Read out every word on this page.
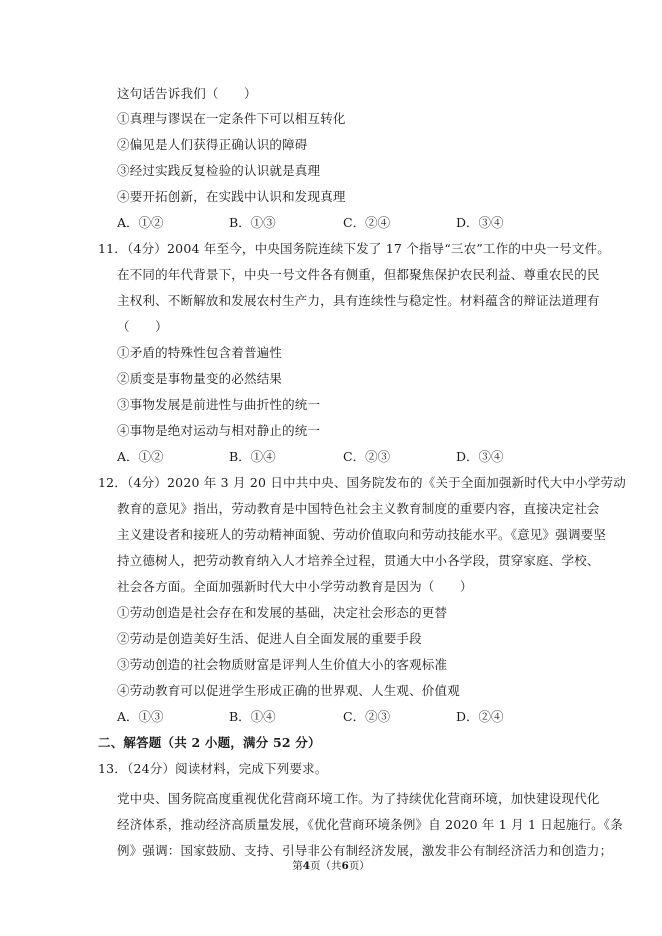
这句话告诉我们（　　）
①真理与谬误在一定条件下可以相互转化
②偏见是人们获得正确认识的障碍
③经过实践反复检验的认识就是真理
④要开拓创新，在实践中认识和发现真理
A．①②	B．①③	C．②④	D．③④
11．（4分）2004 年至今，中央国务院连续下发了 17 个指导“三农”工作的中央一号文件。
在不同的年代背景下，中央一号文件各有侧重，但都聚焦保护农民利益、尊重农民的民
主权利、不断解放和发展农村生产力，具有连续性与稳定性。材料蕴含的辩证法道理有
（　　）
①矛盾的特殊性包含着普遍性
②质变是事物量变的必然结果
③事物发展是前进性与曲折性的统一
④事物是绝对运动与相对静止的统一
A．①②	B．①④	C．②③	D．③④
12．（4分）2020 年 3 月 20 日中共中央、国务院发布的《关于全面加强新时代大中小学劳动
教育的意见》指出，劳动教育是中国特色社会主义教育制度的重要内容，直接决定社会
主义建设者和接班人的劳动精神面貌、劳动价值取向和劳动技能水平。《意见》强调要坚
持立德树人，把劳动教育纳入人才培养全过程，贯通大中小各学段，贯穿家庭、学校、
社会各方面。全面加强新时代大中小学劳动教育是因为（　　）
①劳动创造是社会存在和发展的基础，决定社会形态的更替
②劳动是创造美好生活、促进人自全面发展的重要手段
③劳动创造的社会物质财富是评判人生价值大小的客观标准
④劳动教育可以促进学生形成正确的世界观、人生观、价值观
A．①③	B．①④	C．②③	D．②④
二、解答题（共 2 小题，满分 52 分）
13．（24分）阅读材料，完成下列要求。
党中央、国务院高度重视优化营商环境工作。为了持续优化营商环境，加快建设现代化
经济体系，推动经济高质量发展，《优化营商环境条例》自 2020 年 1 月 1 日起施行。《条
例》强调：国家鼓励、支持、引导非公有制经济发展，激发非公有制经济活力和创造力；
第4页（共6页）
